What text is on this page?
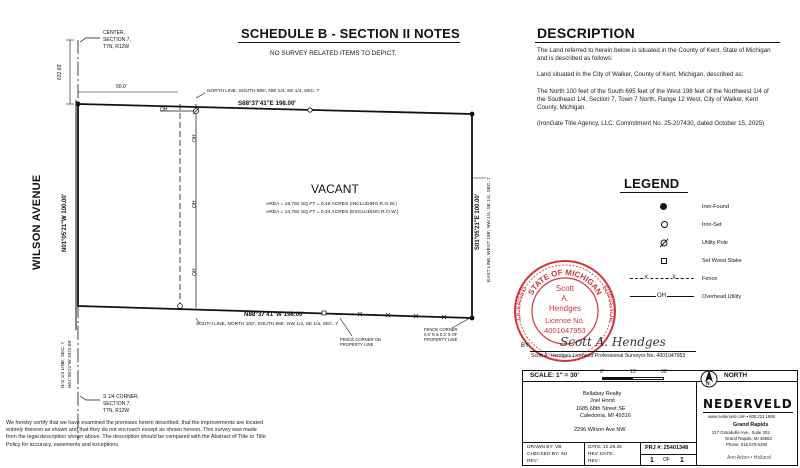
CENTER,
SECTION 7,
T7N, R12W
632.69'
50.0'
OH
NORTH LINE, SOUTH 695', NW 1/4, SE 1/4, SEC. 7
S88°37'41"E 198.00'
WILSON AVENUE	N01°05'21"W 100.00'
N-S 1/4 LINE, SEC. 7 N01°05'21"W 1922.69'
S 1/4 CORNER,
SECTION 7,
T7N, R12W
OH
OH
OH
VACANT
AREA = 19,782 SQ FT = 0.45 ACRES (INCLUDING R.O.W.)
AREA = 14,782 SQ FT = 0.34 ACRES (EXCLUDING R.O.W.)	S01°05'21"E 100.00' EAST LINE, WEST 198', NW 1/4, SE 1/4, SEC. 7
N88°37'41"W 198.00'
SOUTH LINE, NORTH 100', SOUTH 695', NW 1/4, SE 1/4, SEC. 7
FENCE CORNER ON
PROPERTY LINE
FENCE CORNER
0.6' N & 0.3' S OF
PROPERTY LINE
SCHEDULE B - SECTION II NOTES
NO SURVEY RELATED ITEMS TO DEPICT.
DESCRIPTION

The Land referred to herein below is situated in the County of Kent, State of Michigan and is described as follows:

Land situated in the City of Walker, County of Kent, Michigan, described as:

The North 100 feet of the South 695 feet of the West 198 feet of the Northwest 1/4 of the Southeast 1/4, Section 7, Town 7 North, Range 12 West, City of Walker, Kent County, Michigan.

(IronGate Title Agency, LLC, Commitment No. 25-207430, dated October 15, 2025)

LEGEND
Iron-Found
Iron-Set
Utility Pole
Set Wood Stake
X	X	Fence
OH	Overhead Utility
STATE OF MICHIGAN
LICENSED	SURVEYOR
Scott
A.
Hendges
License No.
4001047953
BY: Scott A. Hendges
Scott A. Hendges Licensed Professional Surveyor No. 4001047953
We hereby certify that we have examined the premises herein described, that the improvements are located entirely thereon as shown and that they do not encroach except as shown hereon. This survey was made from the legal description shown above. The description should be compared with the Abstract of Title or Title Policy for accuracy, easements and exceptions.
SCALE: 1" = 30'	0'	15'	30'
N
NORTH
Bellabay Realty
Joel Horst
1685 68th Street SE
Caledonia, MI 49316
2296 Wilson Ave NW
DRAWN BY: VB
CHECKED BY: SH
REV.:
DATE: 10.28.25
REV. DATE:
REV.:
PRJ #: 25401348
1 OF 1
NEDERVELD
www.nederveld.com • 800.222.1868
Grand Rapids
217 Grandville Ave., Suite 302
Grand Rapids, MI 49503
Phone: 616.575.5190
Ann Arbor • Holland
